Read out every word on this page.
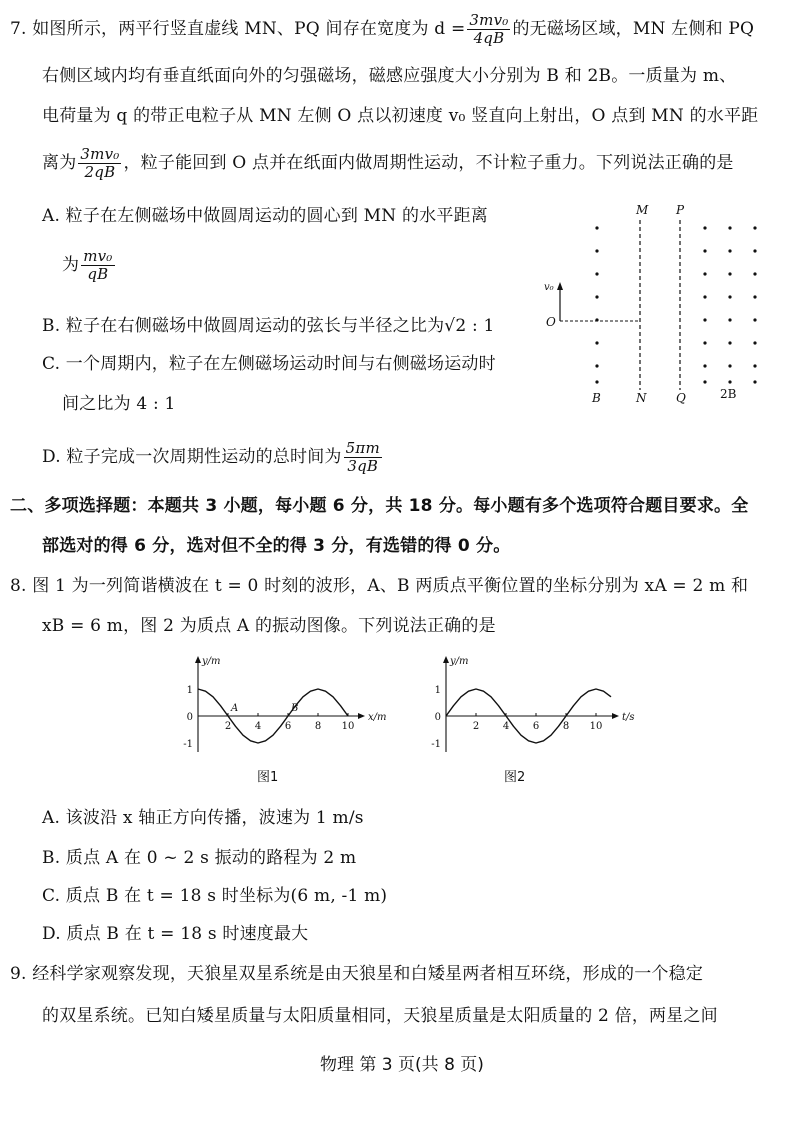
7. 如图所示，两平行竖直虚线 MN、PQ 间存在宽度为 $d = \frac{\text{3mv₀}}{4qB}$ 的无磁场区域，MN 左侧和 PQ
右侧区域内均有垂直纸面向外的匀强磁场，磁感应强度大小分别为 B 和 2B。一质量为 m、
电荷量为 q 的带正电粒子从 MN 左侧 O 点以初速度 v₀ 竖直向上射出，O 点到 MN 的水平距
离为 $\frac{\text{3mv₀}}{2qB}$ ，粒子能回到 O 点并在纸面内做周期性运动，不计粒子重力。下列说法正确的是
A. 粒子在左侧磁场中做圆周运动的圆心到 MN 的水平距离
为 $\frac{\text{mv₀}}{qB}$
B. 粒子在右侧磁场中做圆周运动的弦长与半径之比为√2 : 1
C. 一个周期内，粒子在左侧磁场运动时间与右侧磁场运动时
间之比为 4 : 1
D. 粒子完成一次周期性运动的总时间为 $\frac{5\pi m}{3qB}$
M P
N Q
O
v₀
B	2B
二、多项选择题：本题共 3 小题，每小题 6 分，共 18 分。每小题有多个选项符合题目要求。全
部选对的得 6 分，选对但不全的得 3 分，有选错的得 0 分。
8. 图 1 为一列简谐横波在 t = 0 时刻的波形，A、B 两质点平衡位置的坐标分别为 xA = 2 m 和
xB = 6 m，图 2 为质点 A 的振动图像。下列说法正确的是
y/m
x/m
1
0
-1
2 4 6 8 10
A	B
图1
y/m
t/s
1
0
-1
2 4 6 8 10
图2
A. 该波沿 x 轴正方向传播，波速为 1 m/s
B. 质点 A 在 0 ~ 2 s 振动的路程为 2 m
C. 质点 B 在 t = 18 s 时坐标为(6 m, -1 m)
D. 质点 B 在 t = 18 s 时速度最大
9. 经科学家观察发现，天狼星双星系统是由天狼星和白矮星两者相互环绕，形成的一个稳定
的双星系统。已知白矮星质量与太阳质量相同，天狼星质量是太阳质量的 2 倍，两星之间
物理 第 3 页(共 8 页)
